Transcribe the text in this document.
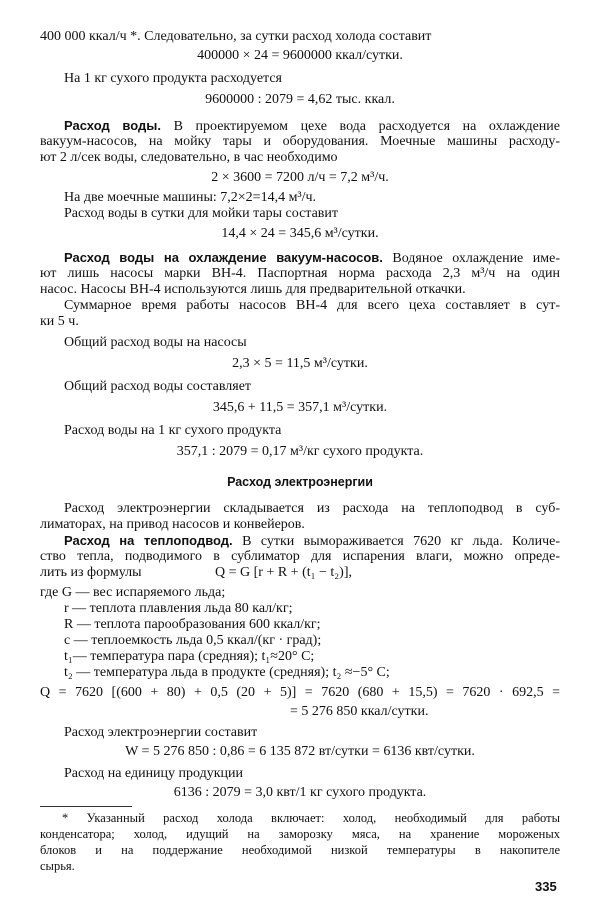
400 000 ккал/ч *. Следовательно, за сутки расход холода составит
400000 × 24 = 9600000 ккал/сутки.
На 1 кг сухого продукта расходуется
9600000 : 2079 = 4,62 тыс. ккал.
Расход воды. В проектируемом цехе вода расходуется на охлаждение
вакуум-насосов, на мойку тары и оборудования. Моечные машины расходу-
ют 2 л/сек воды, следовательно, в час необходимо
2 × 3600 = 7200 л/ч = 7,2 м³/ч.
На две моечные машины: 7,2×2=14,4 м³/ч.
Расход воды в сутки для мойки тары составит
14,4 × 24 = 345,6 м³/сутки.
Расход воды на охлаждение вакуум-насосов. Водяное охлаждение име-
ют лишь насосы марки ВН-4. Паспортная норма расхода 2,3 м³/ч на один
насос. Насосы ВН-4 используются лишь для предварительной откачки.
Суммарное время работы насосов ВН-4 для всего цеха составляет в сут-
ки 5 ч.
Общий расход воды на насосы
2,3 × 5 = 11,5 м³/сутки.
Общий расход воды составляет
345,6 + 11,5 = 357,1 м³/сутки.
Расход воды на 1 кг сухого продукта
357,1 : 2079 = 0,17 м³/кг сухого продукта.
Расход электроэнергии
Расход электроэнергии складывается из расхода на теплоподвод в суб-
лиматорах, на привод насосов и конвейеров.
Расход на теплоподвод. В сутки вымораживается 7620 кг льда. Количе-
ство тепла, подводимого в сублиматор для испарения влаги, можно опреде-
лить из формулы	Q = G [r + R + (t₁ − t₂)],
где G — вес испаряемого льда;
r — теплота плавления льда 80 кал/кг;
R — теплота парообразования 600 ккал/кг;
c — теплоемкость льда 0,5 ккал/(кг · град);
t₁— температура пара (средняя); t₁≈20° С;
t₂ — температура льда в продукте (средняя); t₂ ≈−5° С;
Q = 7620 [(600 + 80) + 0,5 (20 + 5)] = 7620 (680 + 15,5) = 7620 · 692,5 =
= 5 276 850 ккал/сутки.
Расход электроэнергии составит
W = 5 276 850 : 0,86 = 6 135 872 вт/сутки = 6136 квт/сутки.
Расход на единицу продукции
6136 : 2079 = 3,0 квт/1 кг сухого продукта.
* Указанный расход холода включает: холод, необходимый для работы
конденсатора; холод, идущий на заморозку мяса, на хранение мороженых
335
блоков и на поддержание необходимой низкой температуры в накопителе
сырья.
